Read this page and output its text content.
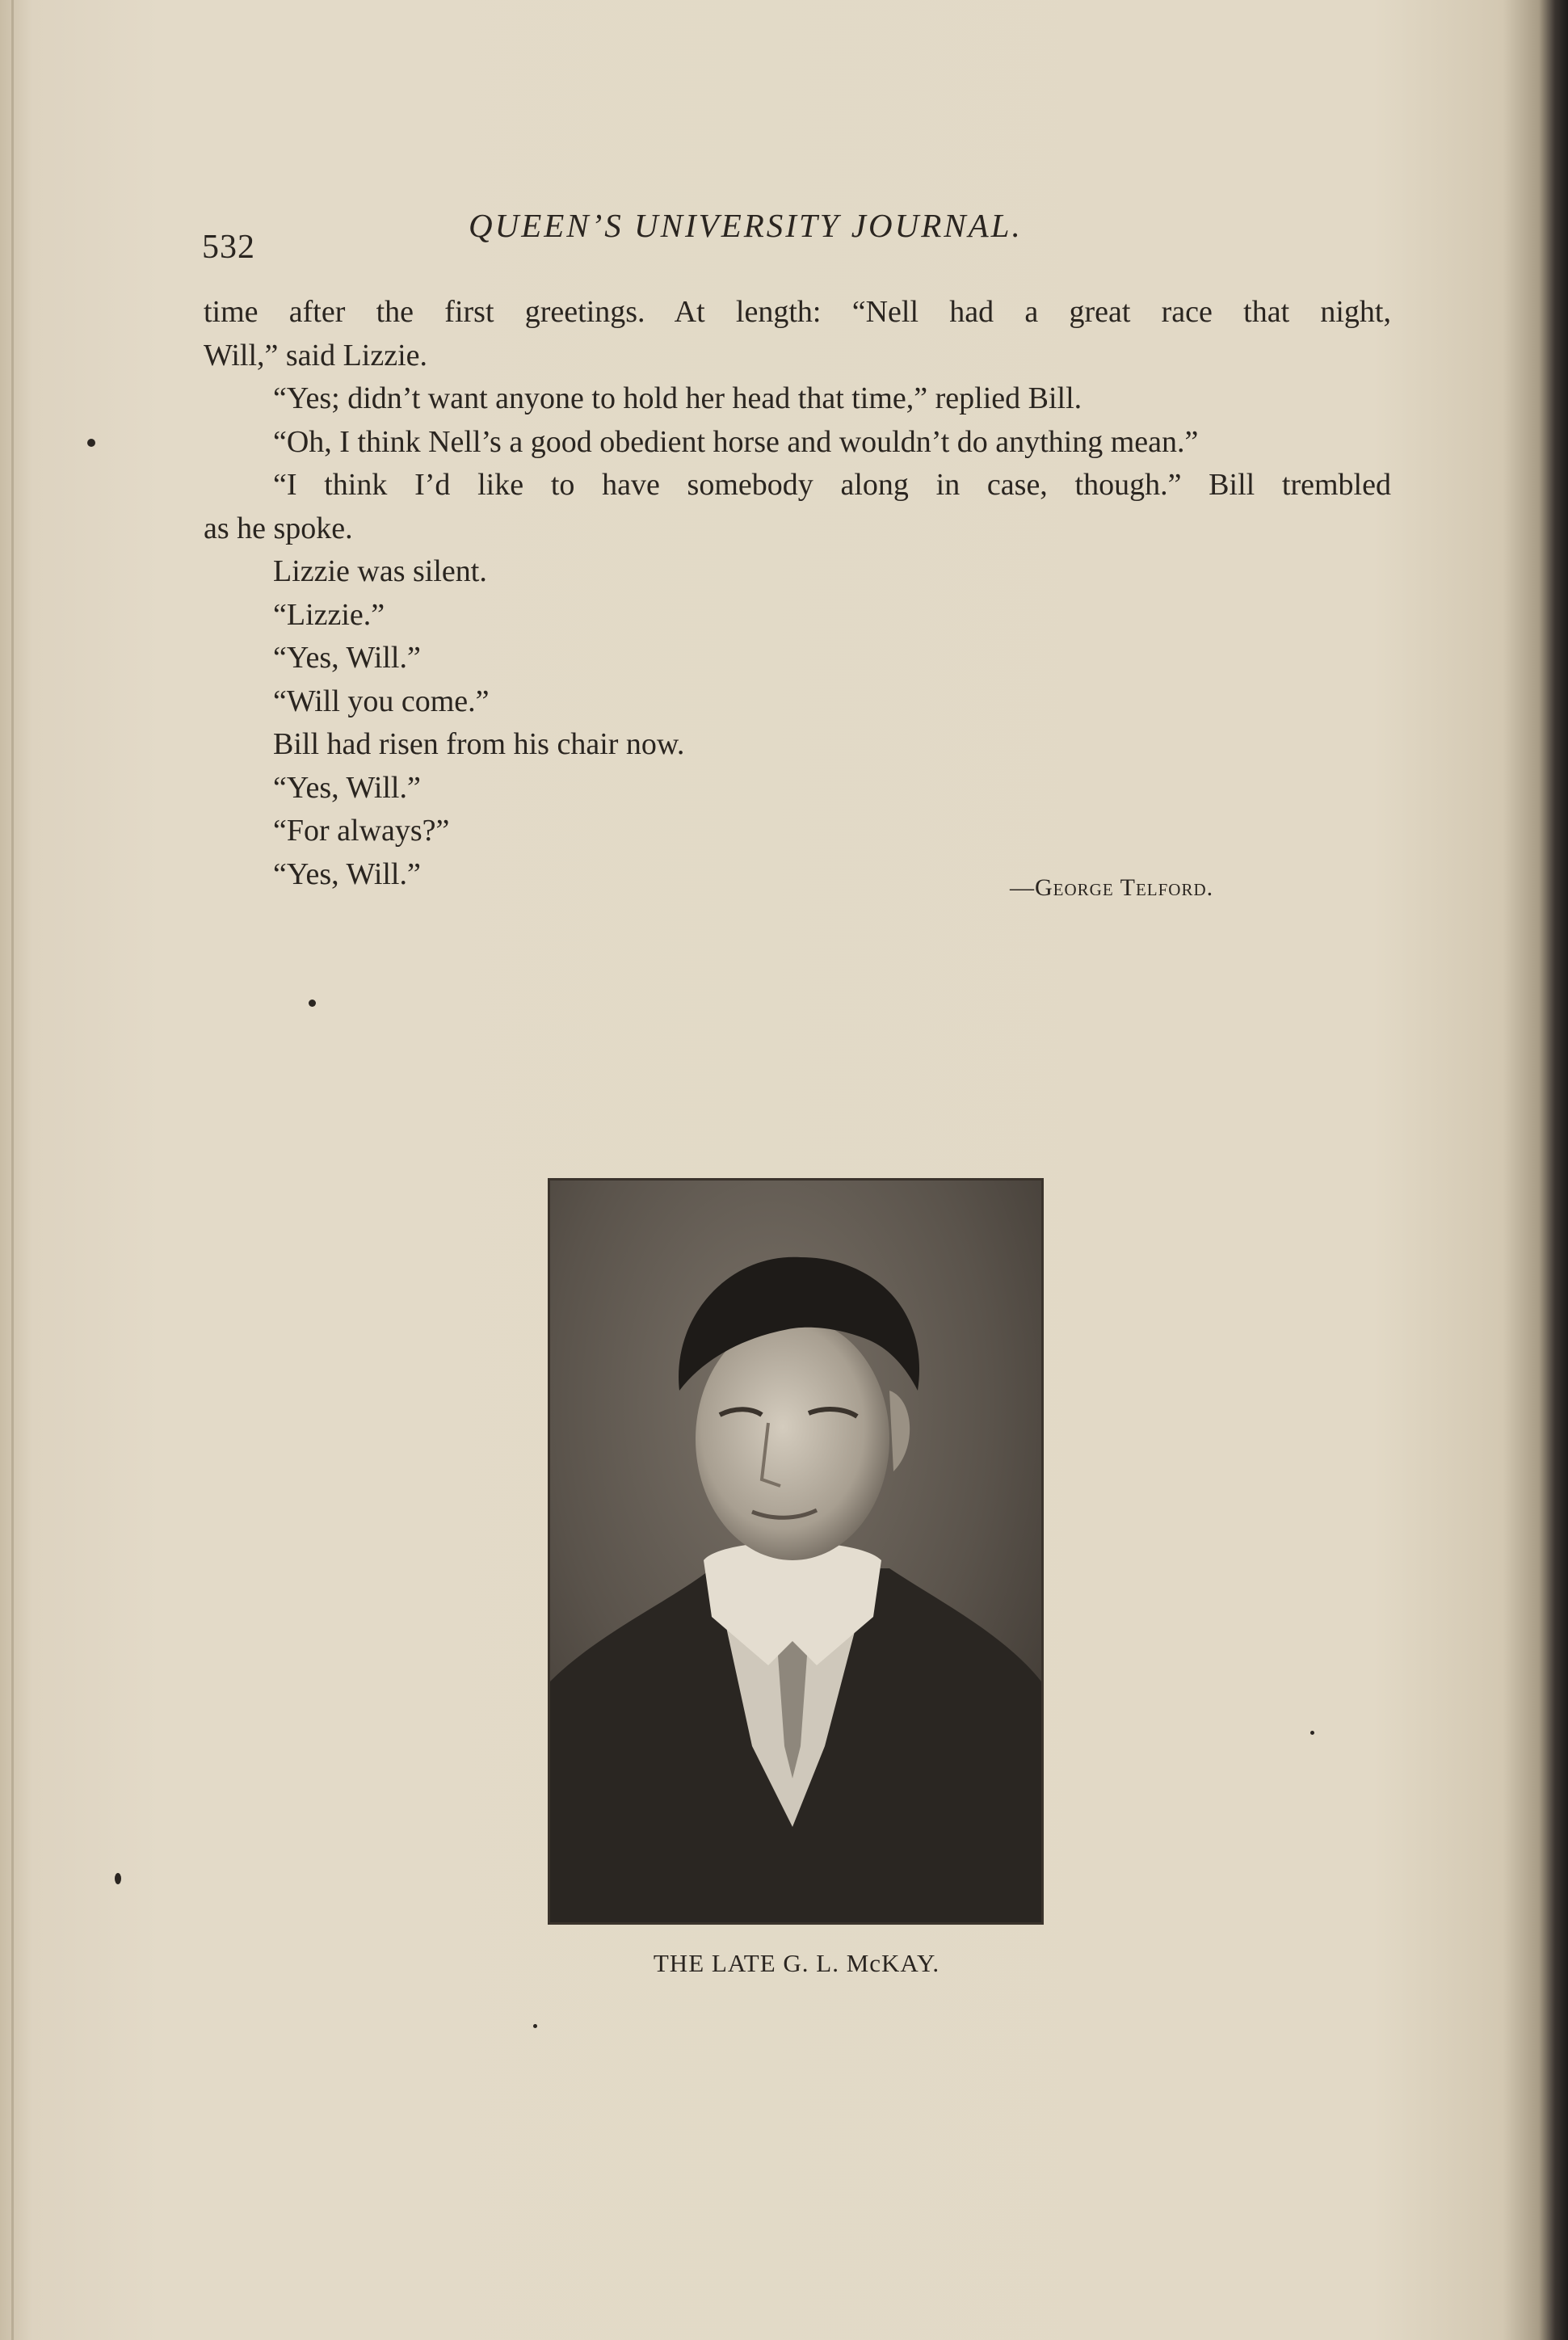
532
QUEEN’S UNIVERSITY JOURNAL.
time after the first greetings. At length: “Nell had a great race that night,
Will,” said Lizzie.
“Yes; didn’t want anyone to hold her head that time,” replied Bill.
“Oh, I think Nell’s a good obedient horse and wouldn’t do anything mean.”
“I think I’d like to have somebody along in case, though.” Bill trembled
as he spoke.
Lizzie was silent.
“Lizzie.”
“Yes, Will.”
“Will you come.”
Bill had risen from his chair now.
“Yes, Will.”
“For always?”
“Yes, Will.”	—George Telford.
THE LATE G. L. McKAY.
